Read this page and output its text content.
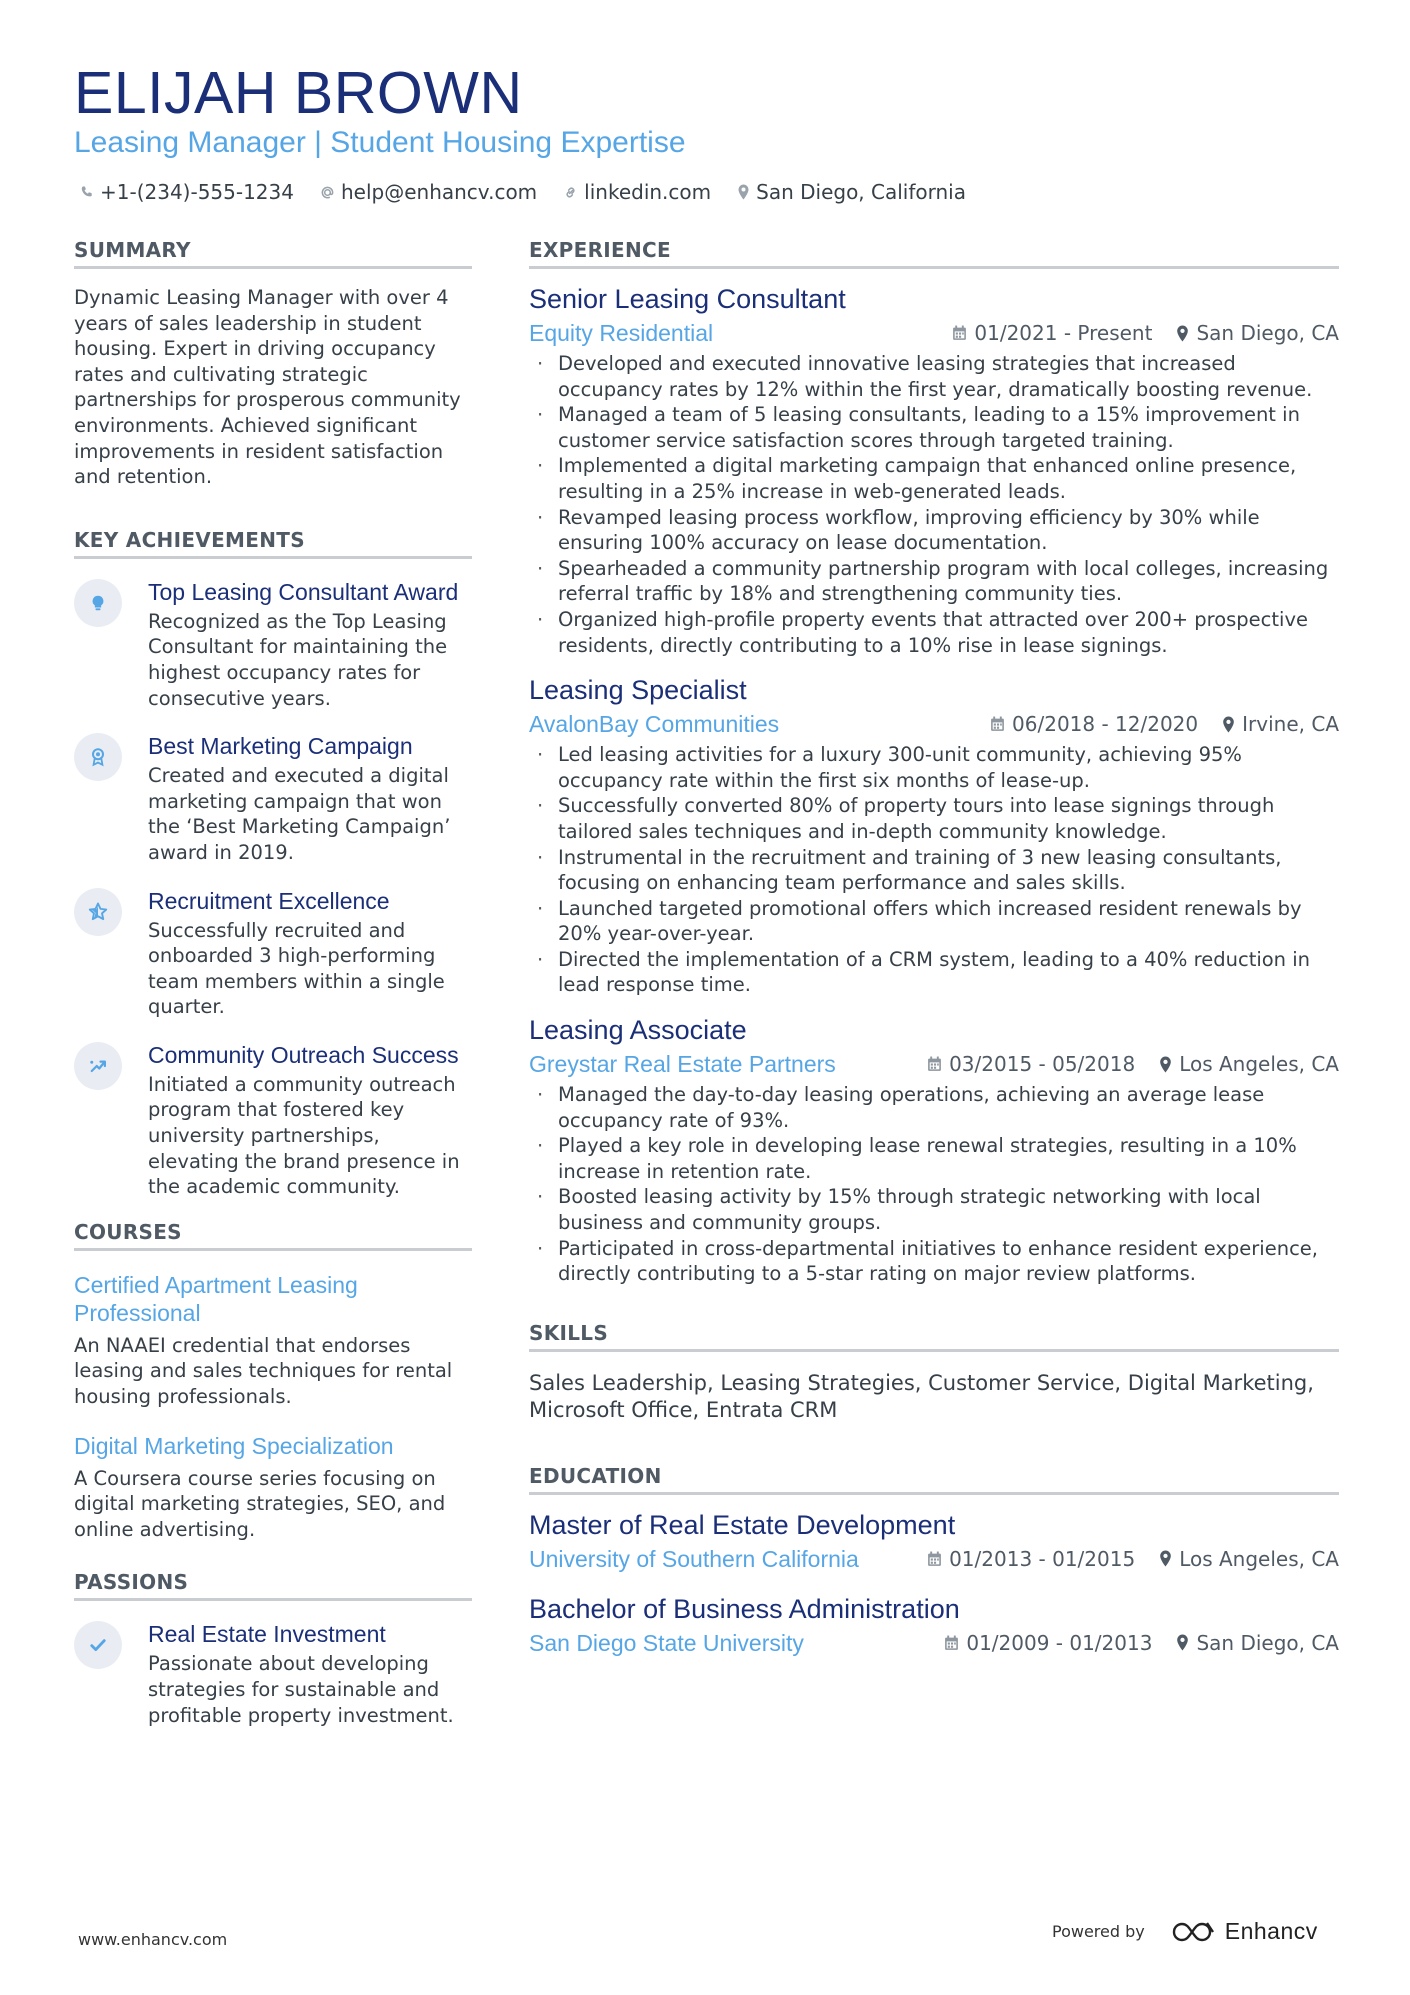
ELIJAH BROWN
Leasing Manager | Student Housing Expertise
+1-(234)-555-1234 help@enhancv.com linkedin.com San Diego, California
SUMMARY

Dynamic Leasing Manager with over 4 years of sales leadership in student housing. Expert in driving occupancy rates and cultivating strategic partnerships for prosperous community environments. Achieved significant improvements in resident satisfaction and retention.

KEY ACHIEVEMENTS
Top Leasing Consultant Award
Recognized as the Top Leasing Consultant for maintaining the highest occupancy rates for consecutive years.
Best Marketing Campaign
Created and executed a digital marketing campaign that won the ‘Best Marketing Campaign’ award in 2019.
Recruitment Excellence
Successfully recruited and onboarded 3 high-performing team members within a single quarter.
Community Outreach Success
Initiated a community outreach program that fostered key university partnerships, elevating the brand presence in the academic community.
COURSES
Certified Apartment Leasing Professional
An NAAEI credential that endorses leasing and sales techniques for rental housing professionals.
Digital Marketing Specialization
A Coursera course series focusing on digital marketing strategies, SEO, and online advertising.
PASSIONS
Real Estate Investment
Passionate about developing strategies for sustainable and profitable property investment.
EXPERIENCE
Senior Leasing Consultant
Equity Residential	01/2021 - Present San Diego, CA
· Developed and executed innovative leasing strategies that increased occupancy rates by 12% within the first year, dramatically boosting revenue.
· Managed a team of 5 leasing consultants, leading to a 15% improvement in customer service satisfaction scores through targeted training.
· Implemented a digital marketing campaign that enhanced online presence, resulting in a 25% increase in web-generated leads.
· Revamped leasing process workflow, improving efficiency by 30% while ensuring 100% accuracy on lease documentation.
· Spearheaded a community partnership program with local colleges, increasing referral traffic by 18% and strengthening community ties.
· Organized high-profile property events that attracted over 200+ prospective residents, directly contributing to a 10% rise in lease signings.
Leasing Specialist
AvalonBay Communities	06/2018 - 12/2020 Irvine, CA
· Led leasing activities for a luxury 300-unit community, achieving 95% occupancy rate within the first six months of lease-up.
· Successfully converted 80% of property tours into lease signings through tailored sales techniques and in-depth community knowledge.
· Instrumental in the recruitment and training of 3 new leasing consultants, focusing on enhancing team performance and sales skills.
· Launched targeted promotional offers which increased resident renewals by 20% year-over-year.
· Directed the implementation of a CRM system, leading to a 40% reduction in lead response time.
Leasing Associate
Greystar Real Estate Partners	03/2015 - 05/2018 Los Angeles, CA
· Managed the day-to-day leasing operations, achieving an average lease occupancy rate of 93%.
· Played a key role in developing lease renewal strategies, resulting in a 10% increase in retention rate.
· Boosted leasing activity by 15% through strategic networking with local business and community groups.
· Participated in cross-departmental initiatives to enhance resident experience, directly contributing to a 5-star rating on major review platforms.
SKILLS

Sales Leadership, Leasing Strategies, Customer Service, Digital Marketing, Microsoft Office, Entrata CRM

EDUCATION
Master of Real Estate Development
University of Southern California	01/2013 - 01/2015 Los Angeles, CA
Bachelor of Business Administration
San Diego State University	01/2009 - 01/2013 San Diego, CA
www.enhancv.com	Powered by	Enhancv
